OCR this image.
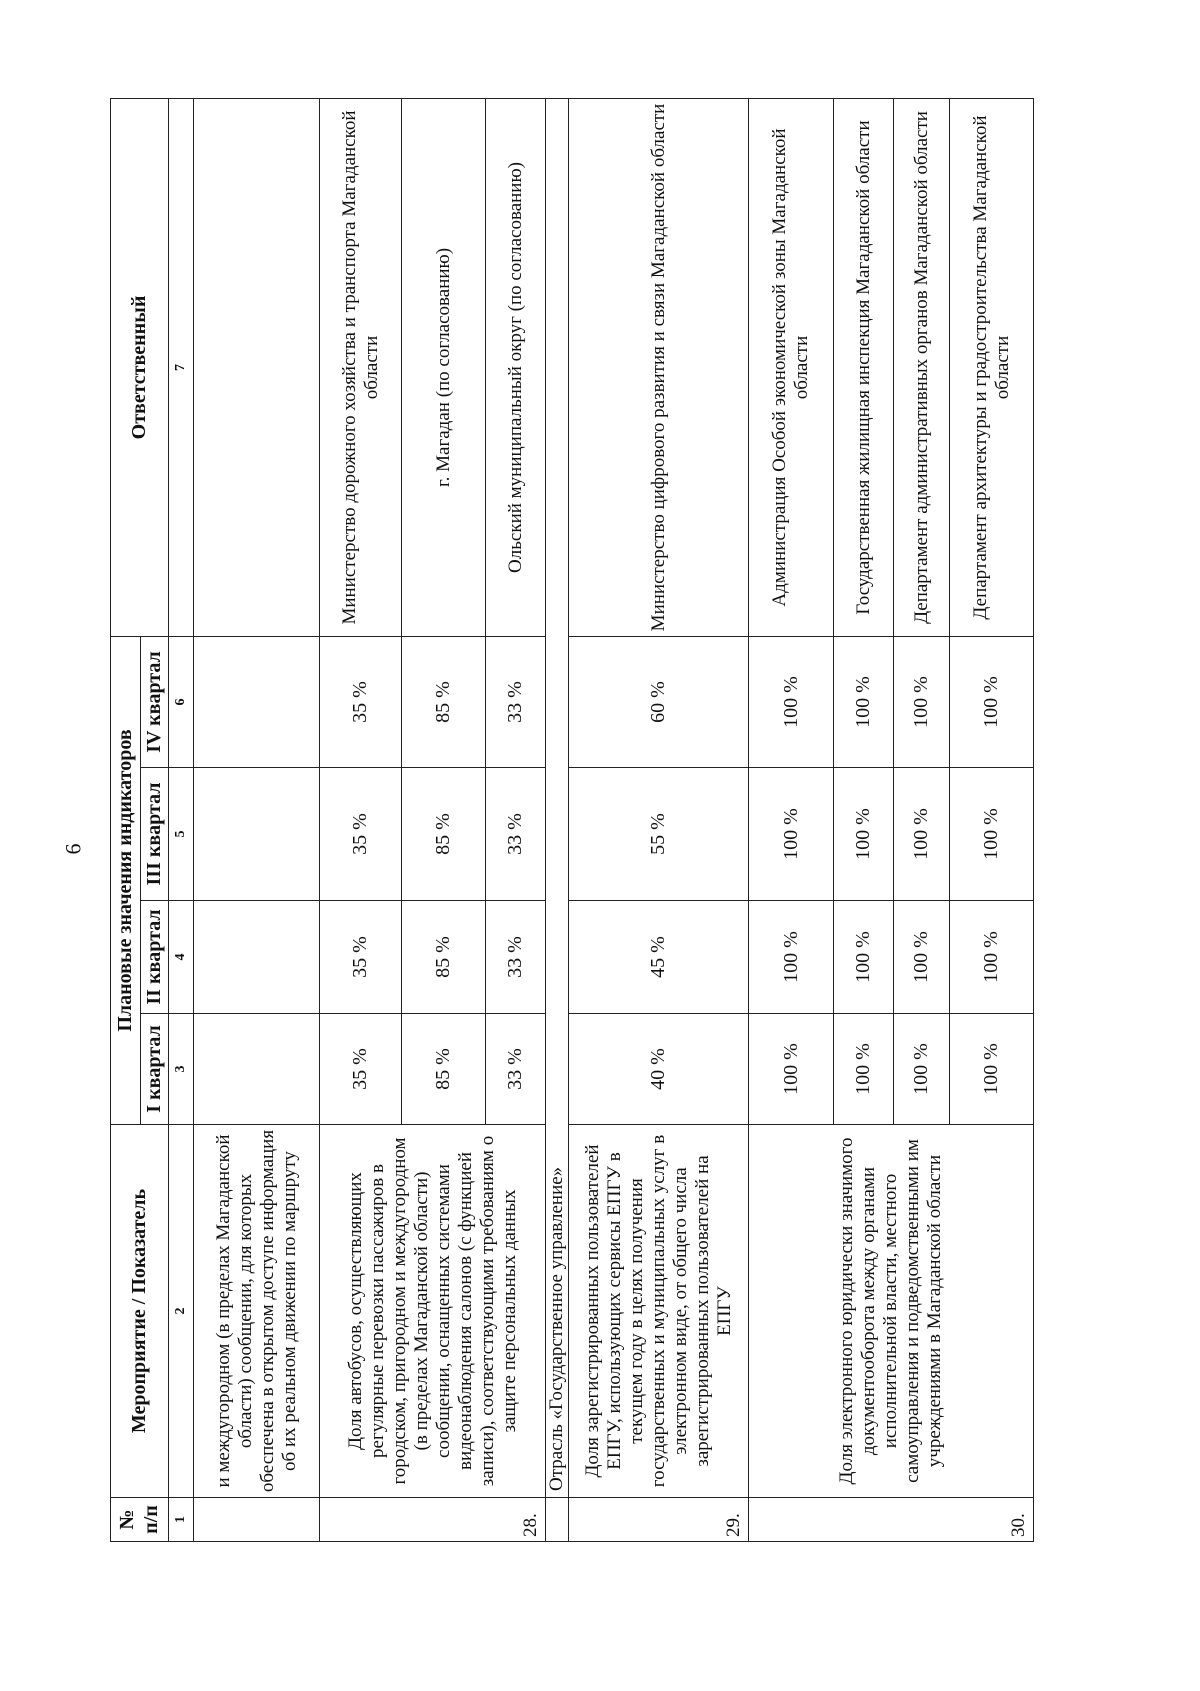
6
№ п/п	Мероприятие / Показатель	Плановые значения индикаторов				Ответственный
		I квартал	II квартал	III квартал	IV квартал	
1	2	3	4	5	6	7
	и междугородном (в пределах Магаданской области) сообщении, для которых обеспечена в открытом доступе информация об их реальном движении по маршруту					
28.	Доля автобусов, осуществляющих регулярные перевозки пассажиров в городском, пригородном и междугородном (в пределах Магаданской области) сообщении, оснащенных системами видеонаблюдения салонов (с функцией записи), соответствующими требованиям о защите персональных данных	35 %	35 %	35 %	35 %	Министерство дорожного хозяйства и транспорта Магаданской области
		85 %	85 %	85 %	85 %	г. Магадан (по согласованию)
		33 %	33 %	33 %	33 %	Ольский муниципальный округ (по согласованию)
	Отрасль «Государственное управление»					
29.	Доля зарегистрированных пользователей ЕПГУ, использующих сервисы ЕПГУ в текущем году в целях получения государственных и муниципальных услуг в электронном виде, от общего числа зарегистрированных пользователей на ЕПГУ	40 %	45 %	55 %	60 %	Министерство цифрового развития и связи Магаданской области
30.	Доля электронного юридически значимого документооборота между органами исполнительной власти, местного самоуправления и подведомственными им учреждениями в Магаданской области	100 %	100 %	100 %	100 %	Администрация Особой экономической зоны Магаданской области
		100 %	100 %	100 %	100 %	Государственная жилищная инспекция Магаданской области
		100 %	100 %	100 %	100 %	Департамент административных органов Магаданской области
		100 %	100 %	100 %	100 %	Департамент архитектуры и градостроительства Магаданской области
